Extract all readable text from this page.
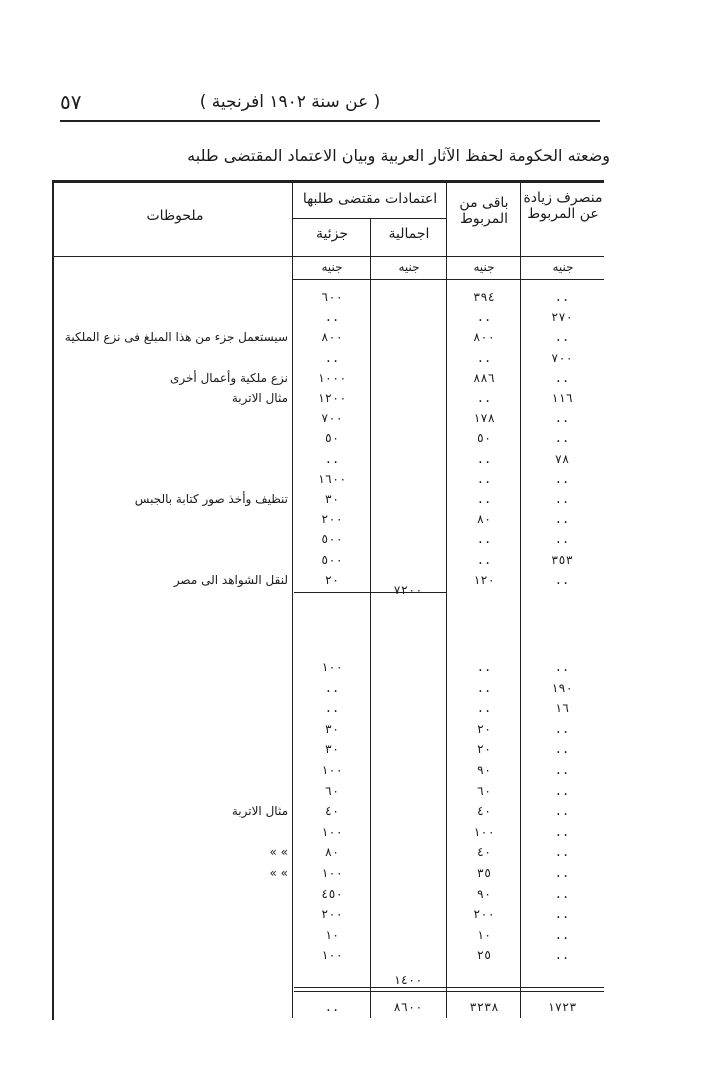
٥٧	( عن سنة ١٩٠٢ افرنجية )
وضعته الحكومة لحفظ الآثار العربية وبيان الاعتماد المقتضى طلبه
منصرف زيادة عن المربوط
باقى من المربوط
اعتمادات مقتضى طلبها
اجمالية
جزئية
ملحوظات
جنيه
جنيه
جنيه
جنيه
..
٣٩٤
٦٠٠
٢٧٠
..
..
..
٨٠٠
٨٠٠
سيستعمل جزء من هذا المبلغ فى نزع الملكية
٧٠٠
..
..
..
٨٨٦
١٠٠٠
نزع ملكية وأعمال أخرى
١١٦
..
١٢٠٠
مثال الاتربة
..
١٧٨
٧٠٠
..
٥٠
٥٠
٧٨
..
..
..
..
١٦٠٠
..
..
٣٠
تنظيف وأخذ صور كتابة بالجبس
..
٨٠
٢٠٠
..
..
٥٠٠
٣٥٣
..
٥٠٠
..
١٢٠
٢٠
لنقل الشواهد الى مصر
..
..
١٠٠
١٩٠
..
..
١٦
..
..
..
٢٠
٣٠
..
٢٠
٣٠
..
٩٠
١٠٠
..
٦٠
٦٠
..
٤٠
٤٠
مثال الاتربة
..
١٠٠
١٠٠
..
٤٠
٨٠
» »
..
٣٥
١٠٠
» »
..
٩٠
٤٥٠
..
٢٠٠
٢٠٠
..
١٠
١٠
..
٢٥
١٠٠
٧٢٠٠
١٤٠٠
١٧٢٣
٣٢٣٨
٨٦٠٠
..
